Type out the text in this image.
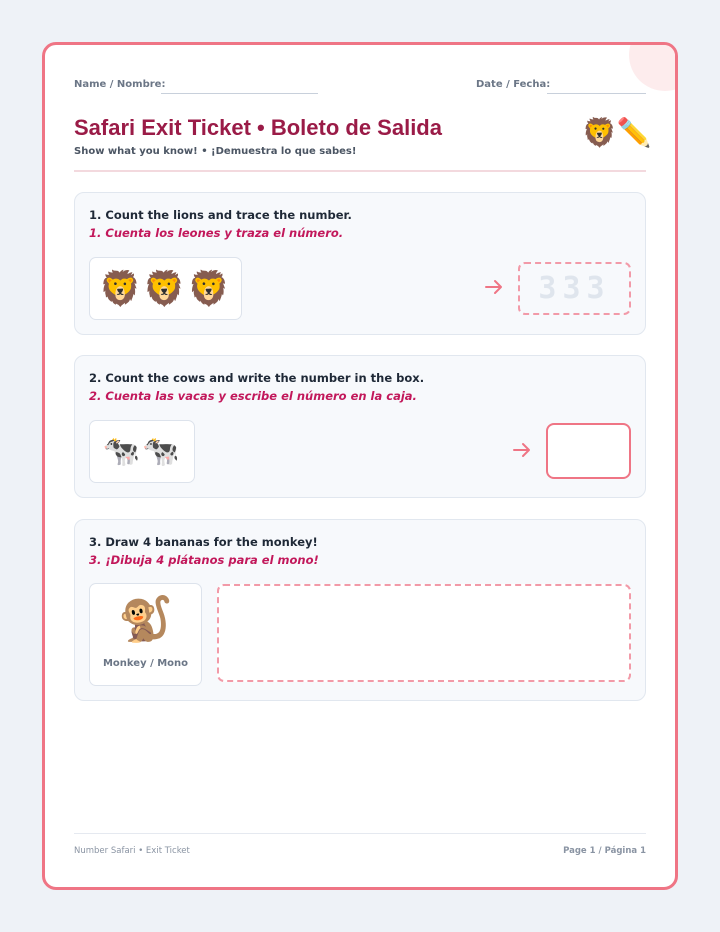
Name / Nombre:	Date / Fecha:
Safari Exit Ticket • Boleto de Salida

Show what you know! • ¡Demuestra lo que sabes!

🦁✏️

1. Count the lions and trace the number.

1. Cuenta los leones y traza el número.

🦁🦁🦁	333

2. Count the cows and write the number in the box.

2. Cuenta las vacas y escribe el número en la caja.

🐄🐄

3. Draw 4 bananas for the monkey!

3. ¡Dibuja 4 plátanos para el mono!

🐒
Monkey / Mono
Number Safari • Exit Ticket	Page 1 / Página 1
